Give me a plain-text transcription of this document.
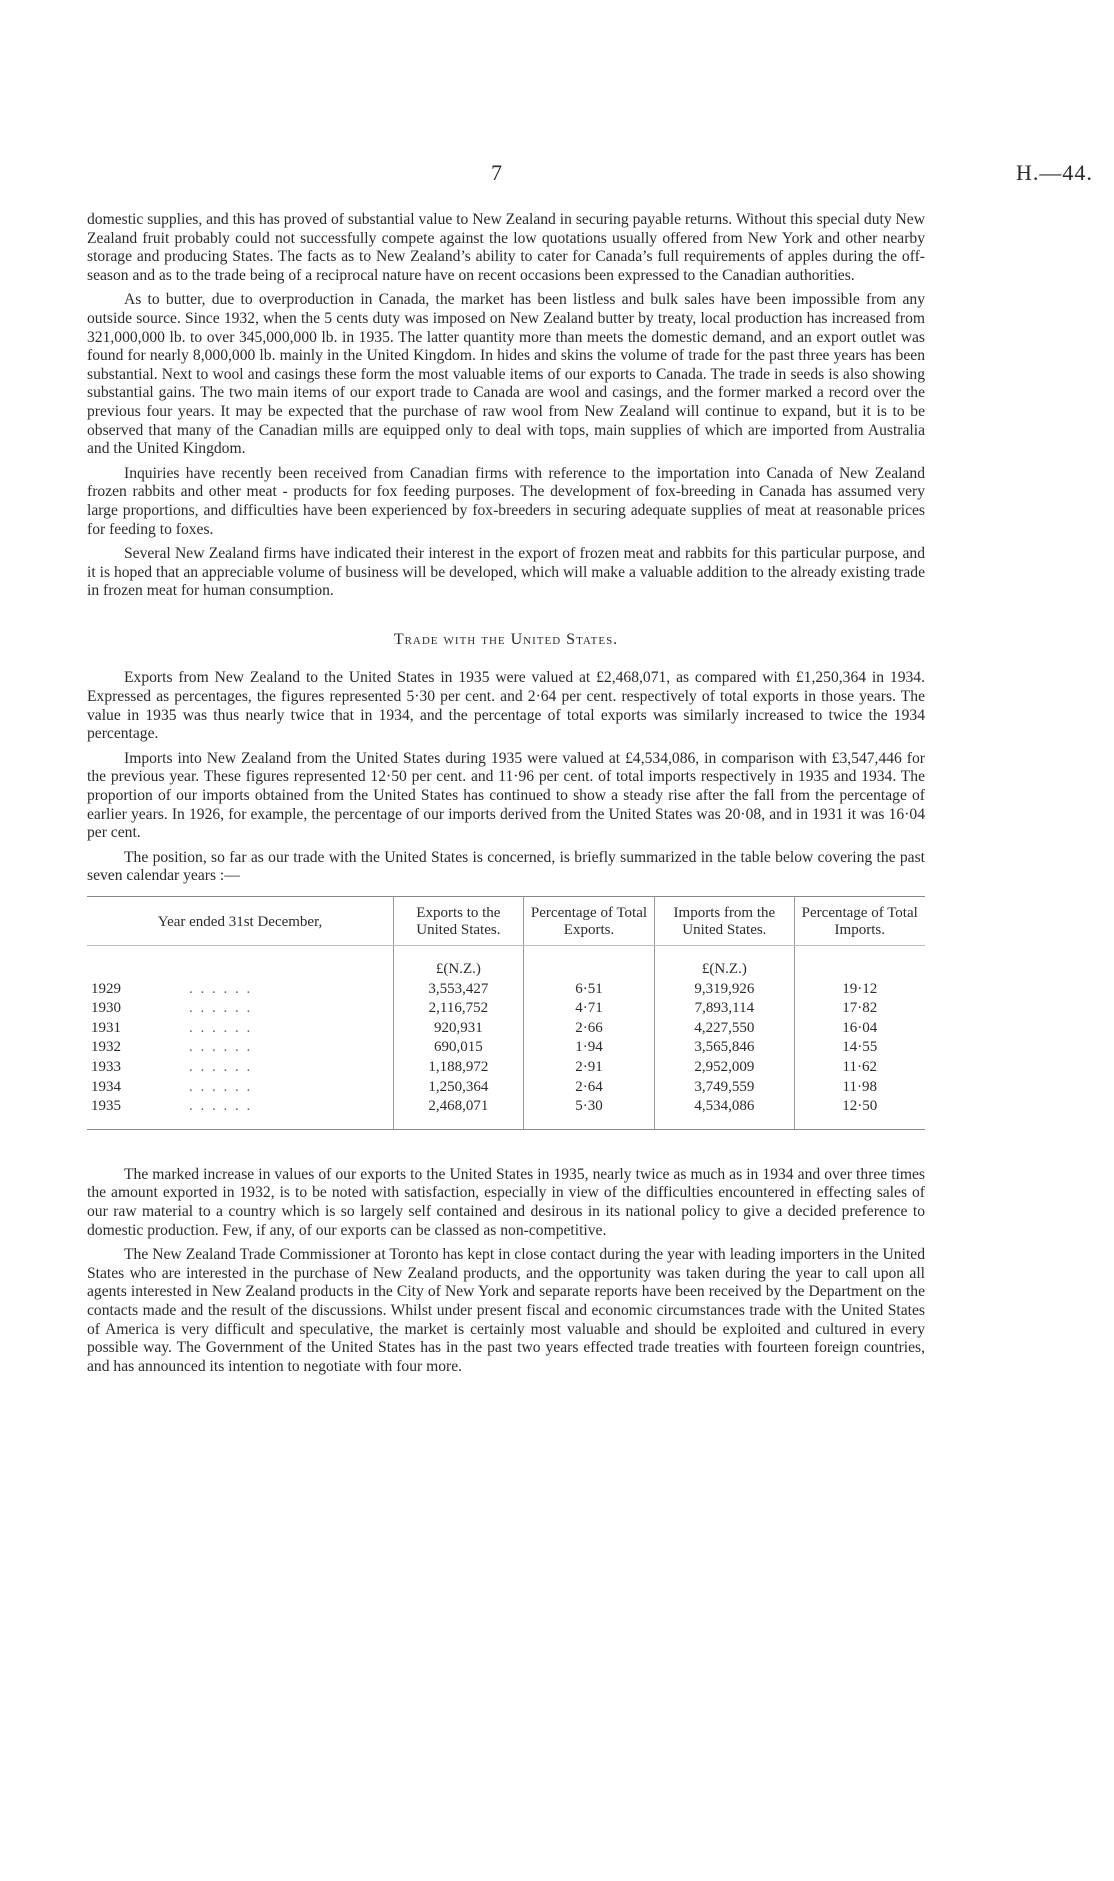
7	H.—44.

domestic supplies, and this has proved of substantial value to New Zealand in securing payable returns. Without this special duty New Zealand fruit probably could not successfully compete against the low quotations usually offered from New York and other nearby storage and producing States. The facts as to New Zealand’s ability to cater for Canada’s full requirements of apples during the off-season and as to the trade being of a reciprocal nature have on recent occasions been expressed to the Canadian authorities.

As to butter, due to overproduction in Canada, the market has been listless and bulk sales have been impossible from any outside source. Since 1932, when the 5 cents duty was imposed on New Zealand butter by treaty, local production has increased from 321,000,000 lb. to over 345,000,000 lb. in 1935. The latter quantity more than meets the domestic demand, and an export outlet was found for nearly 8,000,000 lb. mainly in the United Kingdom. In hides and skins the volume of trade for the past three years has been substantial. Next to wool and casings these form the most valuable items of our exports to Canada. The trade in seeds is also showing substantial gains. The two main items of our export trade to Canada are wool and casings, and the former marked a record over the previous four years. It may be expected that the purchase of raw wool from New Zealand will continue to expand, but it is to be observed that many of the Canadian mills are equipped only to deal with tops, main supplies of which are imported from Australia and the United Kingdom.

Inquiries have recently been received from Canadian firms with reference to the importation into Canada of New Zealand frozen rabbits and other meat - products for fox feeding purposes. The development of fox-breeding in Canada has assumed very large proportions, and difficulties have been experienced by fox-breeders in securing adequate supplies of meat at reasonable prices for feeding to foxes.

Several New Zealand firms have indicated their interest in the export of frozen meat and rabbits for this particular purpose, and it is hoped that an appreciable volume of business will be developed, which will make a valuable addition to the already existing trade in frozen meat for human consumption.

Trade with the United States.

Exports from New Zealand to the United States in 1935 were valued at £2,468,071, as compared with £1,250,364 in 1934. Expressed as percentages, the figures represented 5·30 per cent. and 2·64 per cent. respectively of total exports in those years. The value in 1935 was thus nearly twice that in 1934, and the percentage of total exports was similarly increased to twice the 1934 percentage.

Imports into New Zealand from the United States during 1935 were valued at £4,534,086, in comparison with £3,547,446 for the previous year. These figures represented 12·50 per cent. and 11·96 per cent. of total imports respectively in 1935 and 1934. The proportion of our imports obtained from the United States has continued to show a steady rise after the fall from the percentage of earlier years. In 1926, for example, the percentage of our imports derived from the United States was 20·08, and in 1931 it was 16·04 per cent.

The position, so far as our trade with the United States is concerned, is briefly summarized in the table below covering the past seven calendar years :—

Year ended 31st December,		Exports to the United States.	Percentage of Total Exports.	Imports from the United States.	Percentage of Total Imports.
		£(N.Z.)		£(N.Z.)	
1929	. . . . . .	3,553,427	6·51	9,319,926	19·12
1930	. . . . . .	2,116,752	4·71	7,893,114	17·82
1931	. . . . . .	920,931	2·66	4,227,550	16·04
1932	. . . . . .	690,015	1·94	3,565,846	14·55
1933	. . . . . .	1,188,972	2·91	2,952,009	11·62
1934	. . . . . .	1,250,364	2·64	3,749,559	11·98
1935	. . . . . .	2,468,071	5·30	4,534,086	12·50

The marked increase in values of our exports to the United States in 1935, nearly twice as much as in 1934 and over three times the amount exported in 1932, is to be noted with satisfaction, especially in view of the difficulties encountered in effecting sales of our raw material to a country which is so largely self contained and desirous in its national policy to give a decided preference to domestic production. Few, if any, of our exports can be classed as non-competitive.

The New Zealand Trade Commissioner at Toronto has kept in close contact during the year with leading importers in the United States who are interested in the purchase of New Zealand products, and the opportunity was taken during the year to call upon all agents interested in New Zealand products in the City of New York and separate reports have been received by the Department on the contacts made and the result of the discussions. Whilst under present fiscal and economic circumstances trade with the United States of America is very difficult and speculative, the market is certainly most valuable and should be exploited and cultured in every possible way. The Government of the United States has in the past two years effected trade treaties with fourteen foreign countries, and has announced its intention to negotiate with four more.
